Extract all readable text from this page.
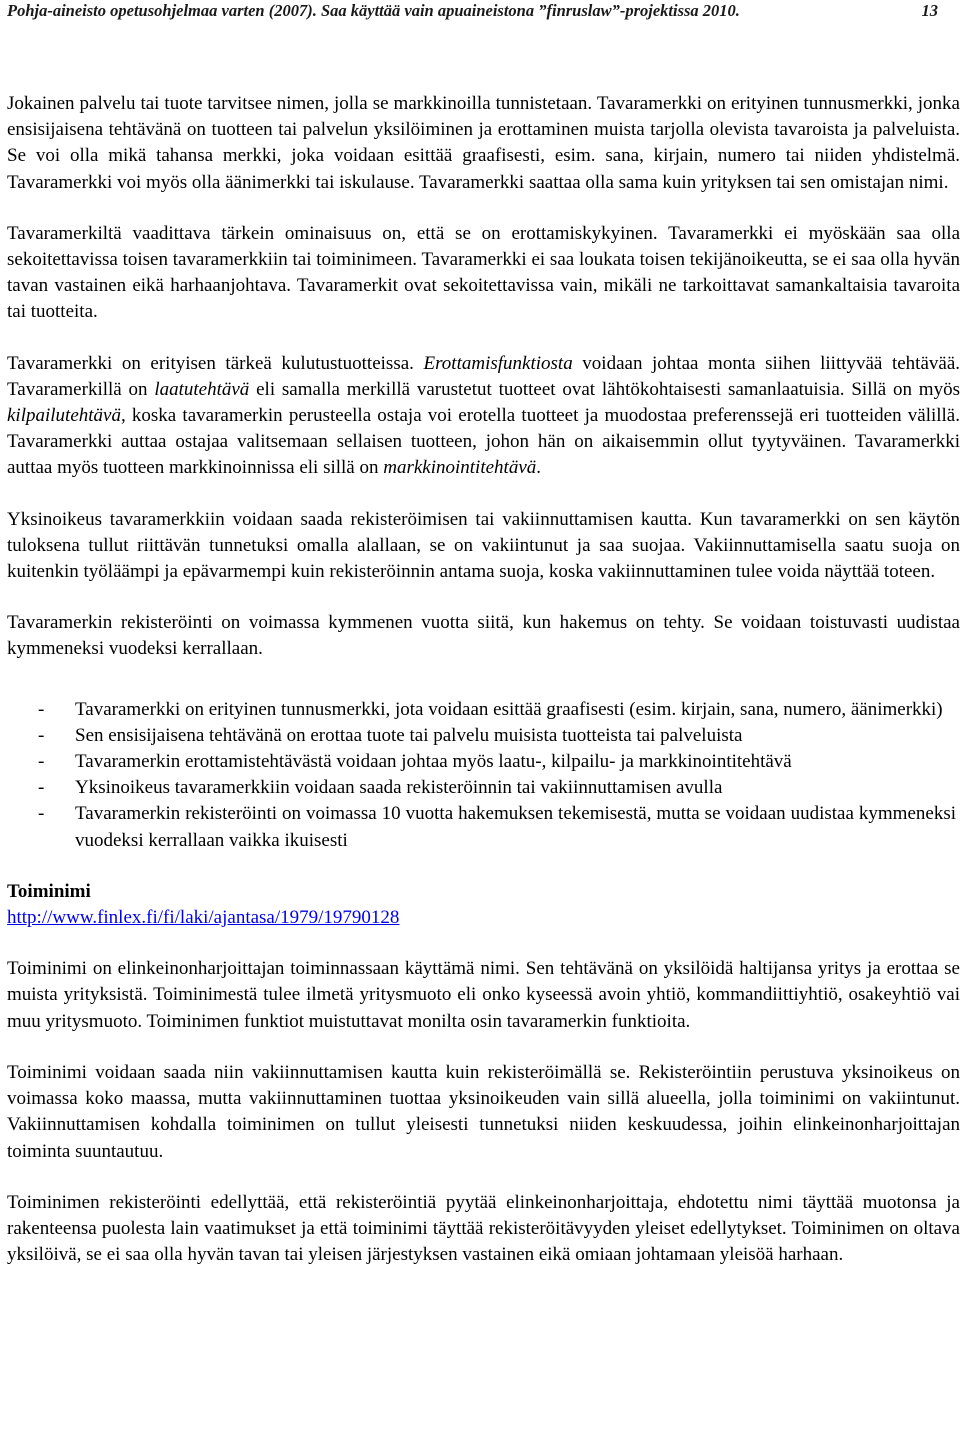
Pohja-aineisto opetusohjelmaa varten (2007). Saa käyttää vain apuaineistona ”finruslaw”-projektissa 2010.	13

Jokainen palvelu tai tuote tarvitsee nimen, jolla se markkinoilla tunnistetaan. Tavaramerkki on erityinen tunnusmerkki, jonka ensisijaisena tehtävänä on tuotteen tai palvelun yksilöiminen ja erottaminen muista tarjolla olevista tavaroista ja palveluista. Se voi olla mikä tahansa merkki, joka voidaan esittää graafisesti, esim. sana, kirjain, numero tai niiden yhdistelmä. Tavaramerkki voi myös olla äänimerkki tai iskulause. Tavaramerkki saattaa olla sama kuin yrityksen tai sen omistajan nimi.

Tavaramerkiltä vaadittava tärkein ominaisuus on, että se on erottamiskykyinen. Tavaramerkki ei myöskään saa olla sekoitettavissa toisen tavaramerkkiin tai toiminimeen. Tavaramerkki ei saa loukata toisen tekijänoikeutta, se ei saa olla hyvän tavan vastainen eikä harhaanjohtava. Tavaramerkit ovat sekoitettavissa vain, mikäli ne tarkoittavat samankaltaisia tavaroita tai tuotteita.

Tavaramerkki on erityisen tärkeä kulutustuotteissa. Erottamisfunktiosta voidaan johtaa monta siihen liittyvää tehtävää. Tavaramerkillä on laatutehtävä eli samalla merkillä varustetut tuotteet ovat lähtökohtaisesti samanlaatuisia. Sillä on myös kilpailutehtävä, koska tavaramerkin perusteella ostaja voi erotella tuotteet ja muodostaa preferenssejä eri tuotteiden välillä. Tavaramerkki auttaa ostajaa valitsemaan sellaisen tuotteen, johon hän on aikaisemmin ollut tyytyväinen. Tavaramerkki auttaa myös tuotteen markkinoinnissa eli sillä on markkinointitehtävä.

Yksinoikeus tavaramerkkiin voidaan saada rekisteröimisen tai vakiinnuttamisen kautta. Kun tavaramerkki on sen käytön tuloksena tullut riittävän tunnetuksi omalla alallaan, se on vakiintunut ja saa suojaa. Vakiinnuttamisella saatu suoja on kuitenkin työläämpi ja epävarmempi kuin rekisteröinnin antama suoja, koska vakiinnuttaminen tulee voida näyttää toteen.

Tavaramerkin rekisteröinti on voimassa kymmenen vuotta siitä, kun hakemus on tehty. Se voidaan toistuvasti uudistaa kymmeneksi vuodeksi kerrallaan.

- Tavaramerkki on erityinen tunnusmerkki, jota voidaan esittää graafisesti (esim. kirjain, sana, numero, äänimerkki)
- Sen ensisijaisena tehtävänä on erottaa tuote tai palvelu muisista tuotteista tai palveluista
- Tavaramerkin erottamistehtävästä voidaan johtaa myös laatu-, kilpailu- ja markkinointitehtävä
- Yksinoikeus tavaramerkkiin voidaan saada rekisteröinnin tai vakiinnuttamisen avulla
- Tavaramerkin rekisteröinti on voimassa 10 vuotta hakemuksen tekemisestä, mutta se voidaan uudistaa kymmeneksi vuodeksi kerrallaan vaikka ikuisesti
Toiminimi
http://www.finlex.fi/fi/laki/ajantasa/1979/19790128

Toiminimi on elinkeinonharjoittajan toiminnassaan käyttämä nimi. Sen tehtävänä on yksilöidä haltijansa yritys ja erottaa se muista yrityksistä. Toiminimestä tulee ilmetä yritysmuoto eli onko kyseessä avoin yhtiö, kommandiittiyhtiö, osakeyhtiö vai muu yritysmuoto. Toiminimen funktiot muistuttavat monilta osin tavaramerkin funktioita.

Toiminimi voidaan saada niin vakiinnuttamisen kautta kuin rekisteröimällä se. Rekisteröintiin perustuva yksinoikeus on voimassa koko maassa, mutta vakiinnuttaminen tuottaa yksinoikeuden vain sillä alueella, jolla toiminimi on vakiintunut. Vakiinnuttamisen kohdalla toiminimen on tullut yleisesti tunnetuksi niiden keskuudessa, joihin elinkeinonharjoittajan toiminta suuntautuu.

Toiminimen rekisteröinti edellyttää, että rekisteröintiä pyytää elinkeinonharjoittaja, ehdotettu nimi täyttää muotonsa ja rakenteensa puolesta lain vaatimukset ja että toiminimi täyttää rekisteröitävyyden yleiset edellytykset. Toiminimen on oltava yksilöivä, se ei saa olla hyvän tavan tai yleisen järjestyksen vastainen eikä omiaan johtamaan yleisöä harhaan.
